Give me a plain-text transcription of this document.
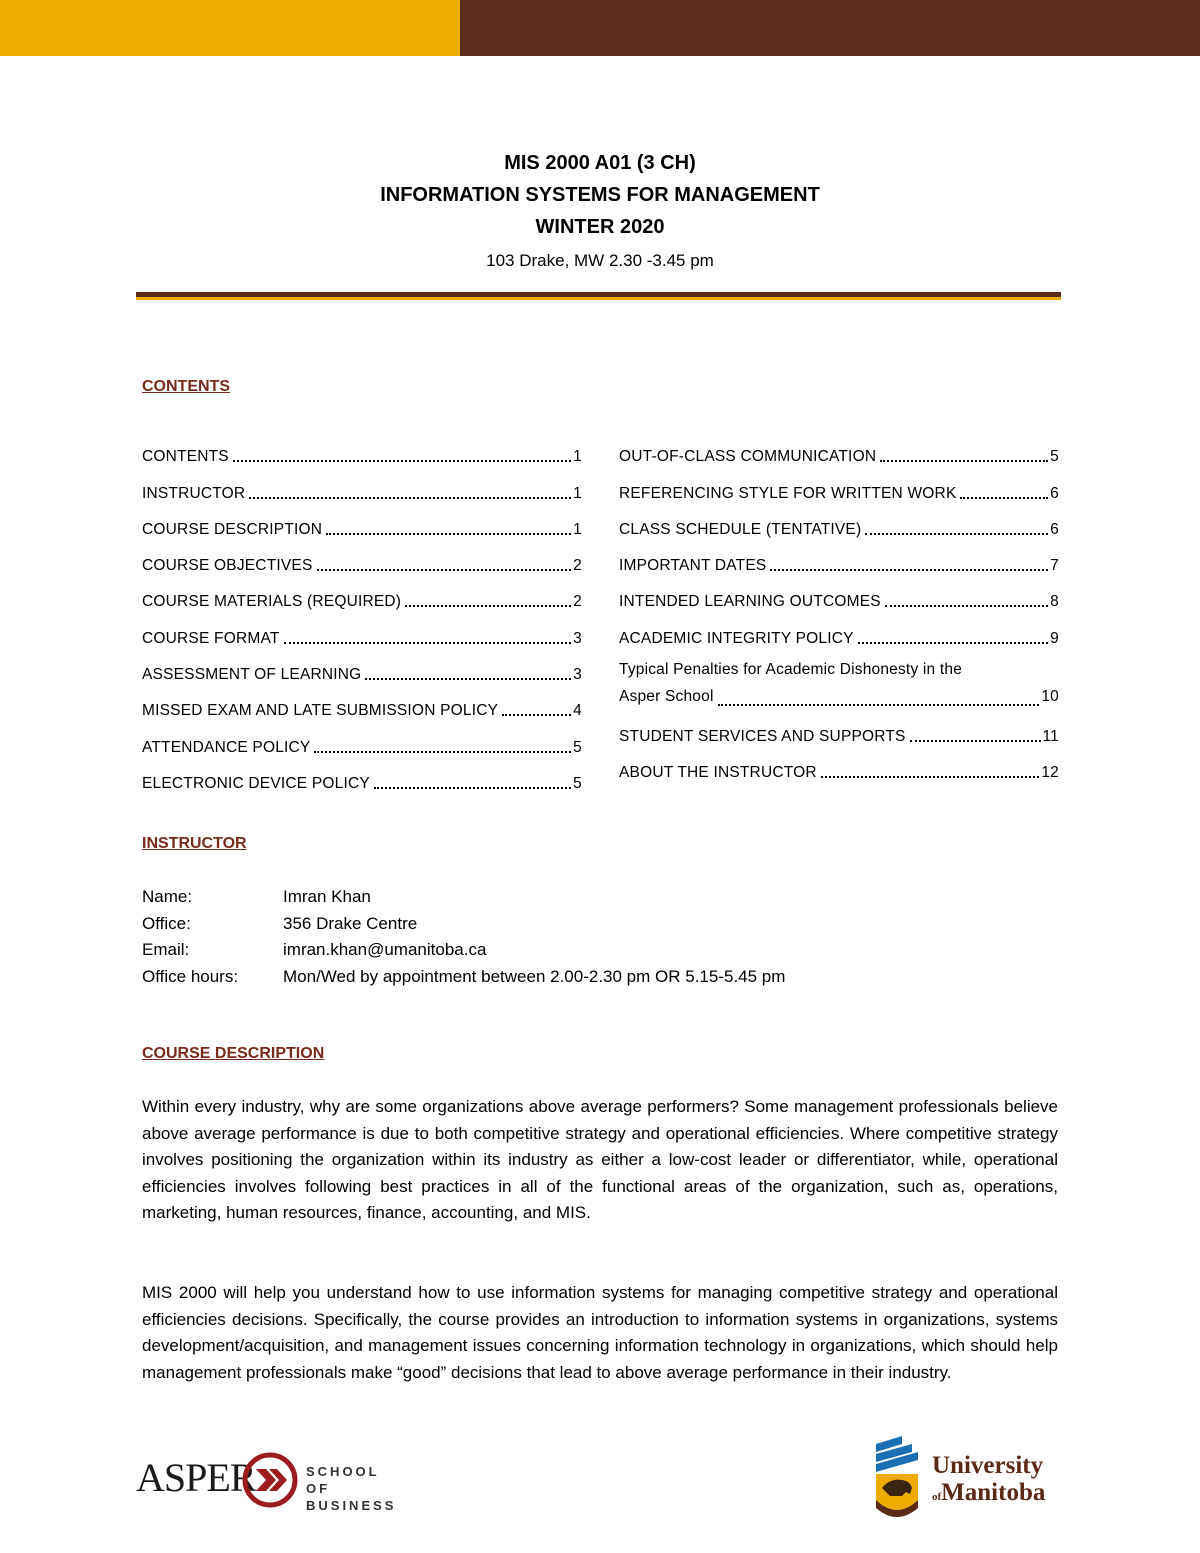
MIS 2000 A01 (3 CH)
INFORMATION SYSTEMS FOR MANAGEMENT
WINTER 2020
103 Drake, MW 2.30 -3.45 pm
CONTENTS
CONTENTS	1
INSTRUCTOR	1
COURSE DESCRIPTION	1
COURSE OBJECTIVES	2
COURSE MATERIALS (REQUIRED)	2
COURSE FORMAT	3
ASSESSMENT OF LEARNING	3
MISSED EXAM AND LATE SUBMISSION POLICY	4
ATTENDANCE POLICY	5
ELECTRONIC DEVICE POLICY	5
OUT-OF-CLASS COMMUNICATION	5
REFERENCING STYLE FOR WRITTEN WORK	6
CLASS SCHEDULE (TENTATIVE)	6
IMPORTANT DATES	7
INTENDED LEARNING OUTCOMES	8
ACADEMIC INTEGRITY POLICY	9
Typical Penalties for Academic Dishonesty in the
Asper School	10
STUDENT SERVICES AND SUPPORTS	11
ABOUT THE INSTRUCTOR	12
INSTRUCTOR
Name:	Imran Khan
Office:	356 Drake Centre
Email:	imran.khan@umanitoba.ca
Office hours:	Mon/Wed by appointment between 2.00-2.30 pm OR 5.15-5.45 pm
COURSE DESCRIPTION
Within every industry, why are some organizations above average performers? Some management professionals believe above average performance is due to both competitive strategy and operational efficiencies. Where competitive strategy involves positioning the organization within its industry as either a low-cost leader or differentiator, while, operational efficiencies involves following best practices in all of the functional areas of the organization, such as, operations, marketing, human resources, finance, accounting, and MIS.
MIS 2000 will help you understand how to use information systems for managing competitive strategy and operational efficiencies decisions. Specifically, the course provides an introduction to information systems in organizations, systems development/acquisition, and management issues concerning information technology in organizations, which should help management professionals make “good” decisions that lead to above average performance in their industry.
ASPER	SCHOOL OF
BUSINESS
University
ofManitoba
